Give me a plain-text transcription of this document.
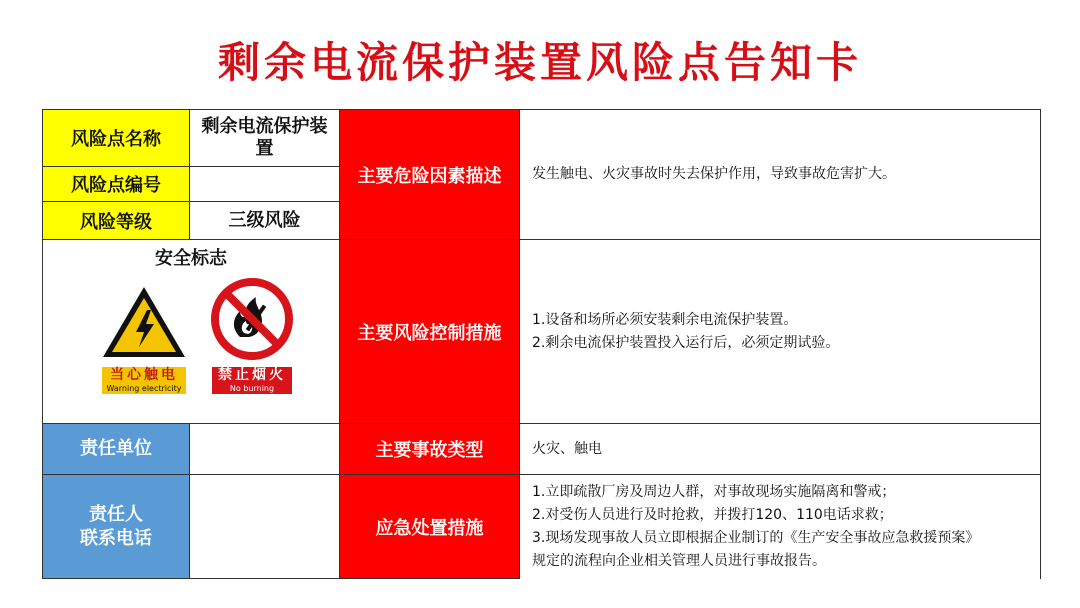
剩余电流保护装置风险点告知卡
风险点名称
剩余电流保护装置
风险点编号
风险等级	三级风险
安全标志
当心触电
Warning electricity
禁止烟火
No burning
责任单位
责任人
联系电话
主要危险因素描述
主要风险控制措施
主要事故类型
应急处置措施
发生触电、火灾事故时失去保护作用，导致事故危害扩大。
1.设备和场所必须安装剩余电流保护装置。
2.剩余电流保护装置投入运行后，必须定期试验。
火灾、触电
1.立即疏散厂房及周边人群，对事故现场实施隔离和警戒；
2.对受伤人员进行及时抢救，并拨打120、110电话求救；
3.现场发现事故人员立即根据企业制订的《生产安全事故应急救援预案》
规定的流程向企业相关管理人员进行事故报告。
